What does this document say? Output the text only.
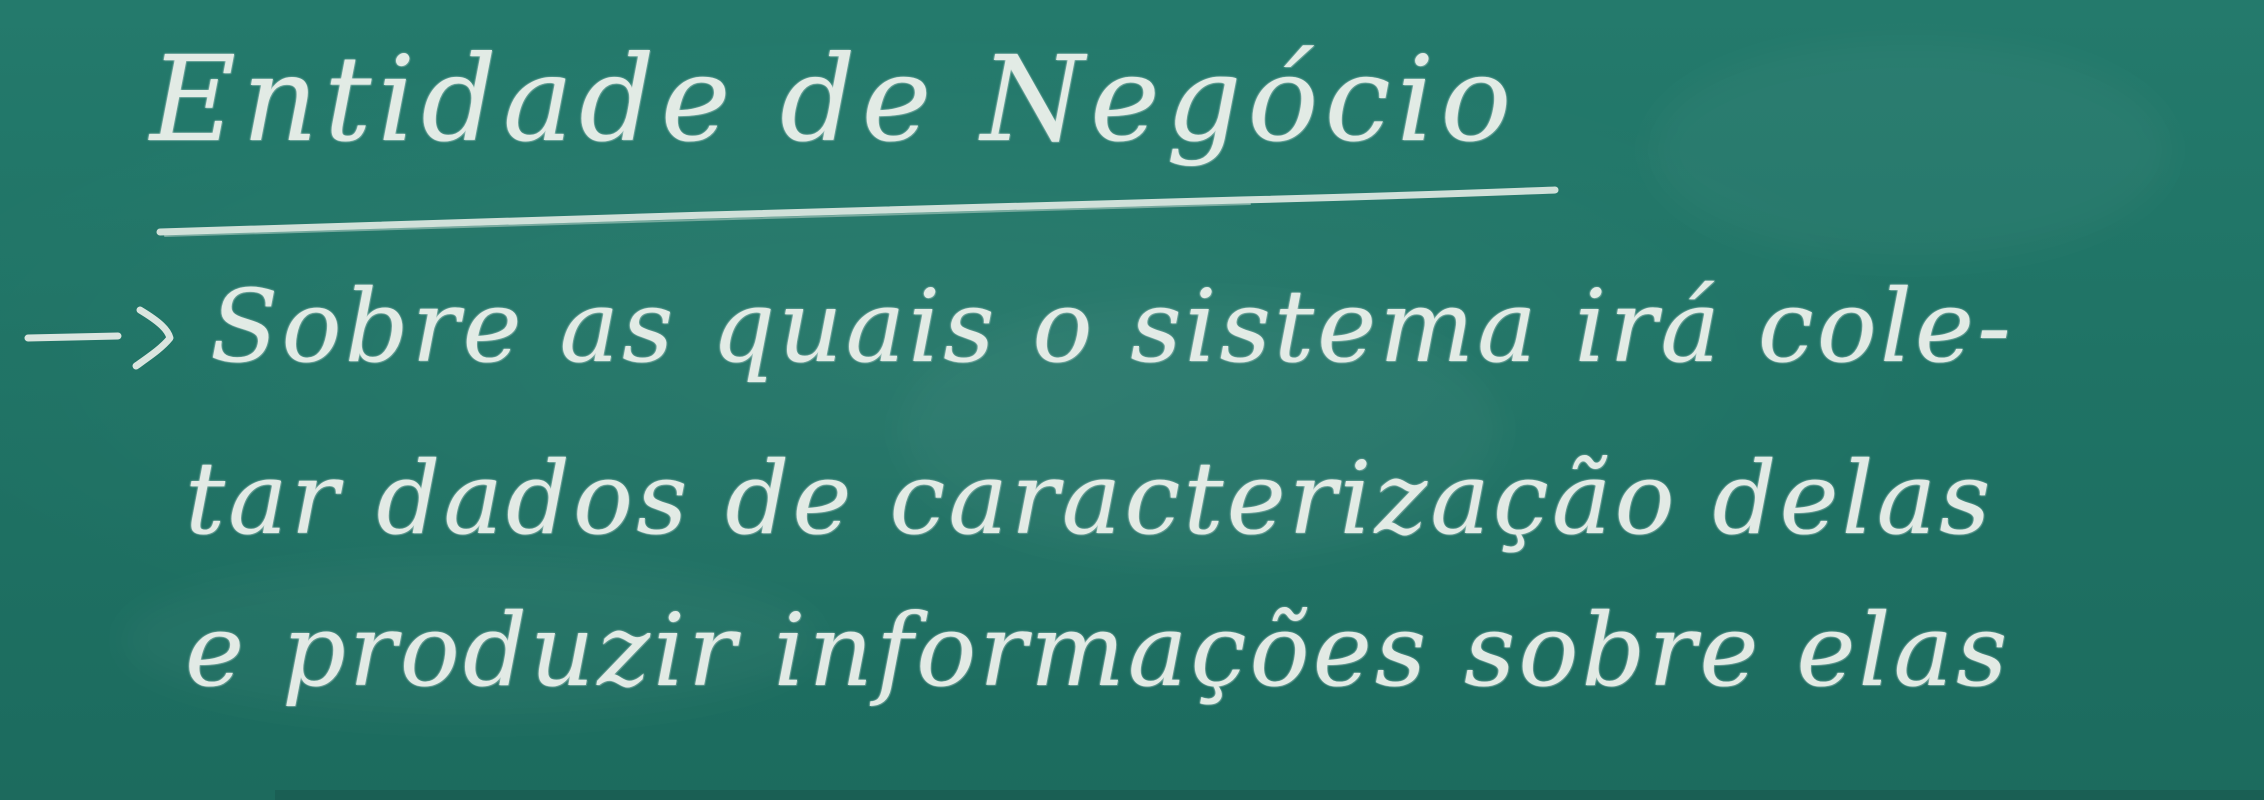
Entidade de Negócio
Sobre as quais o sistema irá cole-
tar dados de caracterização delas
e produzir informações sobre elas
